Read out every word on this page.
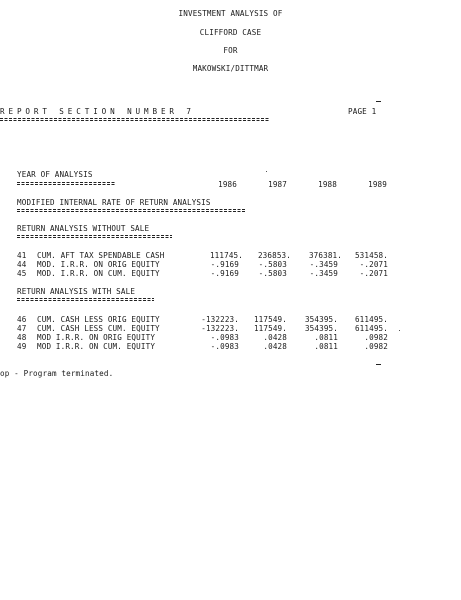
INVESTMENT ANALYSIS OF
CLIFFORD CASE
FOR
MAKOWSKI/DITTMAR
REPORT SECTION NUMBER 7	PAGE 1
YEAR OF ANALYSIS
1986	1987	1988	1989
MODIFIED INTERNAL RATE OF RETURN ANALYSIS
RETURN ANALYSIS WITHOUT SALE
41 CUM. AFT TAX SPENDABLE CASH	111745.	236853.	376381.	531458.
44 MOD. I.R.R. ON ORIG EQUITY	-.9169	-.5803	-.3459	-.2071
45 MOD. I.R.R. ON CUM. EQUITY	-.9169	-.5803	-.3459	-.2071
RETURN ANALYSIS WITH SALE
46 CUM. CASH LESS ORIG EQUITY	-132223.	117549.	354395.	611495.
47 CUM. CASH LESS CUM. EQUITY	-132223.	117549.	354395.	611495.
48 MOD I.R.R. ON ORIG EQUITY	-.0983	.0428	.0811	.0982
49 MOD I.R.R. ON CUM. EQUITY	-.0983	.0428	.0811	.0982
op - Program terminated.
